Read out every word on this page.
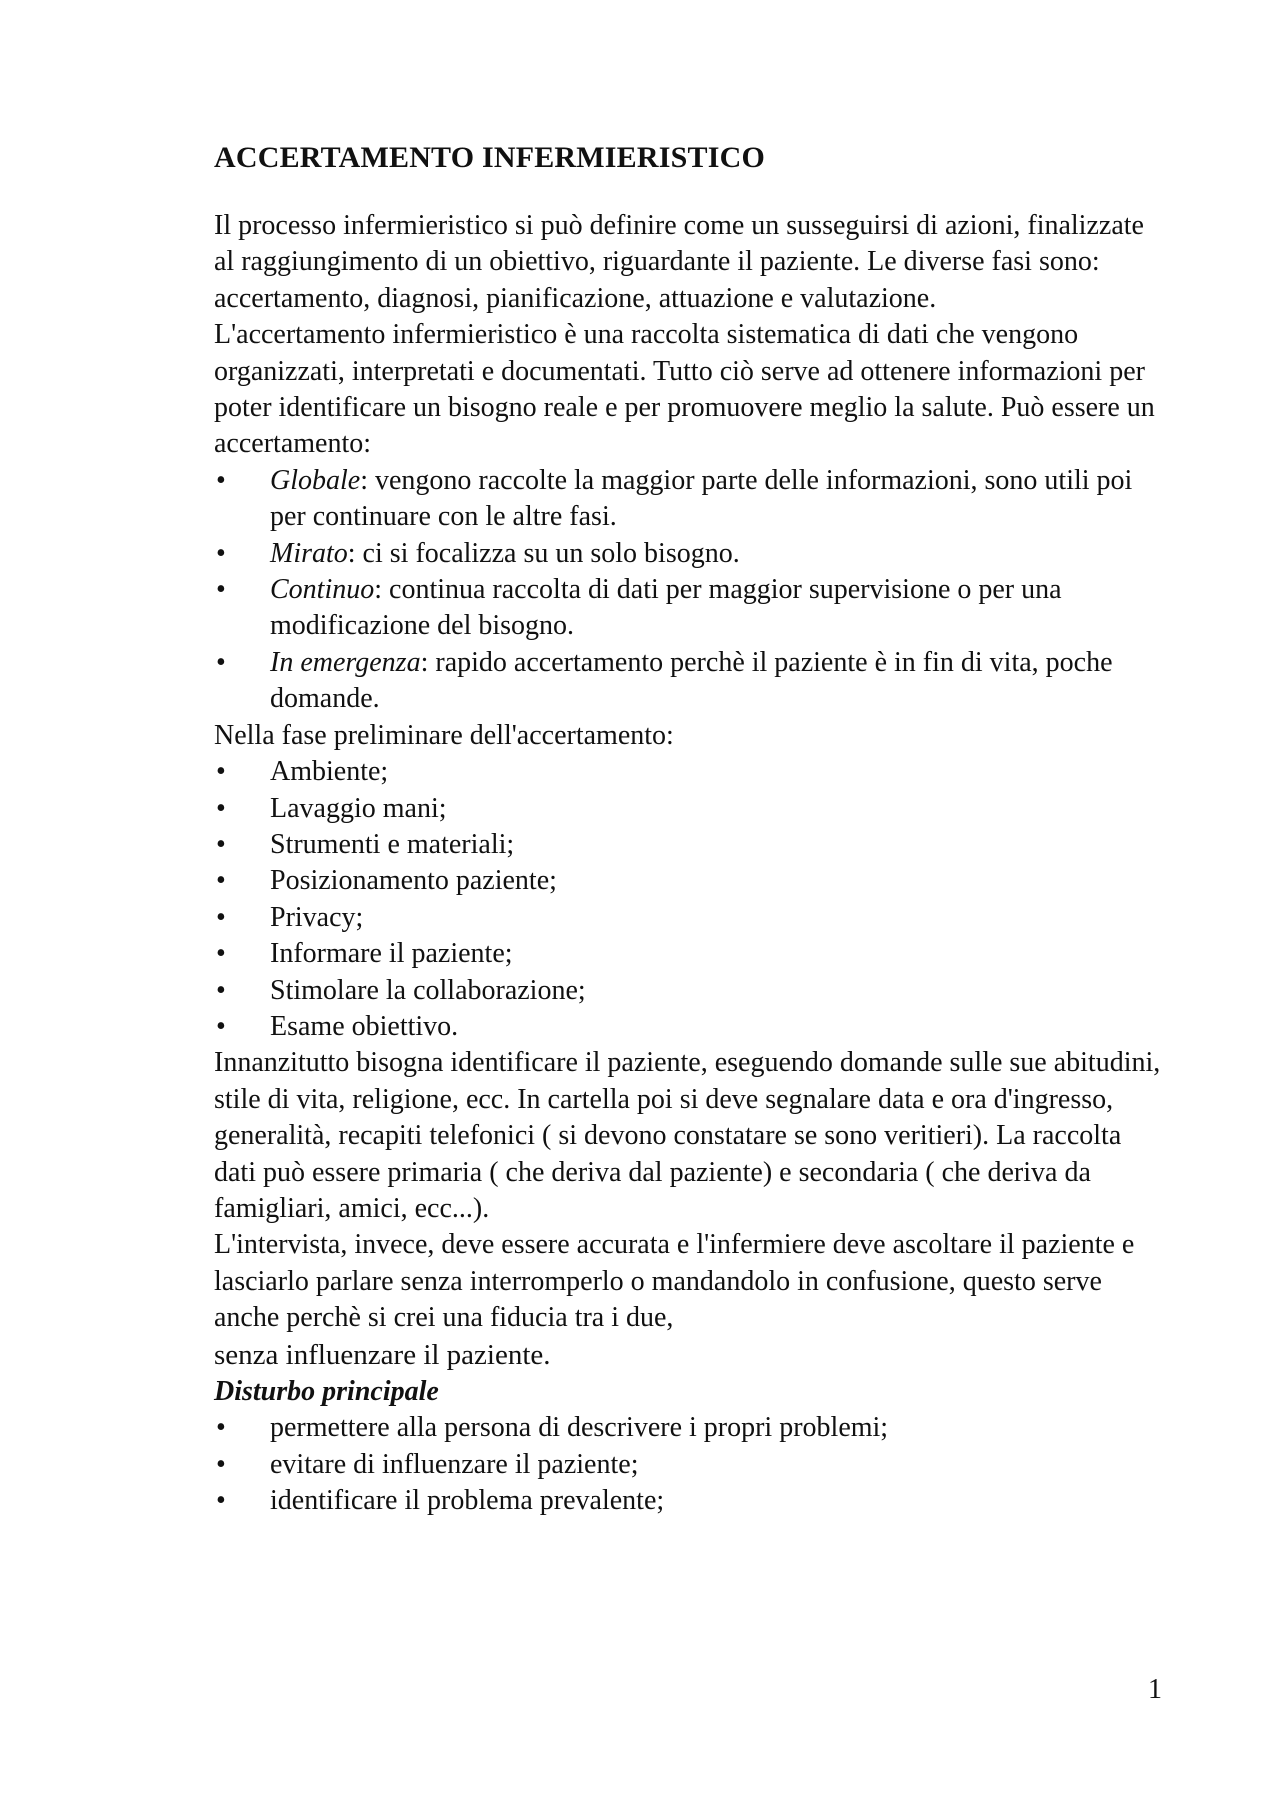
ACCERTAMENTO INFERMIERISTICO

Il processo infermieristico si può definire come un susseguirsi di azioni, finalizzate al raggiungimento di un obiettivo, riguardante il paziente. Le diverse fasi sono: accertamento, diagnosi, pianificazione, attuazione e valutazione.

L'accertamento infermieristico è una raccolta sistematica di dati che vengono organizzati, interpretati e documentati. Tutto ciò serve ad ottenere informazioni per poter identificare un bisogno reale e per promuovere meglio la salute. Può essere un accertamento:

• Globale: vengono raccolte la maggior parte delle informazioni, sono utili poi per continuare con le altre fasi.
• Mirato: ci si focalizza su un solo bisogno.
• Continuo: continua raccolta di dati per maggior supervisione o per una modificazione del bisogno.
• In emergenza: rapido accertamento perchè il paziente è in fin di vita, poche domande.

Nella fase preliminare dell'accertamento:

• Ambiente;
• Lavaggio mani;
• Strumenti e materiali;
• Posizionamento paziente;
• Privacy;
• Informare il paziente;
• Stimolare la collaborazione;
• Esame obiettivo.

Innanzitutto bisogna identificare il paziente, eseguendo domande sulle sue abitudini, stile di vita, religione, ecc. In cartella poi si deve segnalare data e ora d'ingresso, generalità, recapiti telefonici ( si devono constatare se sono veritieri). La raccolta dati può essere primaria ( che deriva dal paziente) e secondaria ( che deriva da famigliari, amici, ecc...).

L'intervista, invece, deve essere accurata e l'infermiere deve ascoltare il paziente e lasciarlo parlare senza interromperlo o mandandolo in confusione, questo serve anche perchè si crei una fiducia tra i due,
senza influenzare il paziente.

Disturbo principale

• permettere alla persona di descrivere i propri problemi;
• evitare di influenzare il paziente;
• identificare il problema prevalente;
1
